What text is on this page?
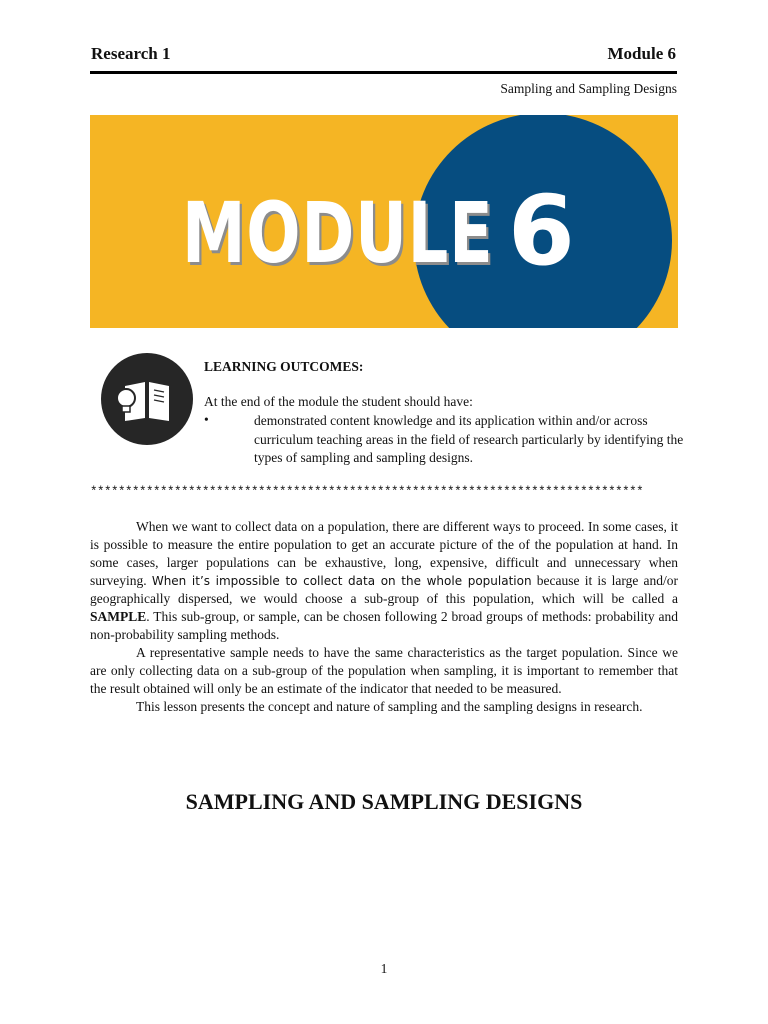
Research 1	Module 6
Sampling and Sampling Designs
MODULE 6
LEARNING OUTCOMES:
At the end of the module the student should have:
•	demonstrated content knowledge and its application within and/or across curriculum teaching areas in the field of research particularly by identifying the types of sampling and sampling designs.
*******************************************************************************

When we want to collect data on a population, there are different ways to proceed. In some cases, it is possible to measure the entire population to get an accurate picture of the of the population at hand. In some cases, larger populations can be exhaustive, long, expensive, difficult and unnecessary when surveying. When it’s impossible to collect data on the whole population because it is large and/or geographically dispersed, we would choose a sub-group of this population, which will be called a SAMPLE. This sub-group, or sample, can be chosen following 2 broad groups of methods: probability and non-probability sampling methods.

A representative sample needs to have the same characteristics as the target population. Since we are only collecting data on a sub-group of the population when sampling, it is important to remember that the result obtained will only be an estimate of the indicator that needed to be measured.

This lesson presents the concept and nature of sampling and the sampling designs in research.

SAMPLING AND SAMPLING DESIGNS
1
